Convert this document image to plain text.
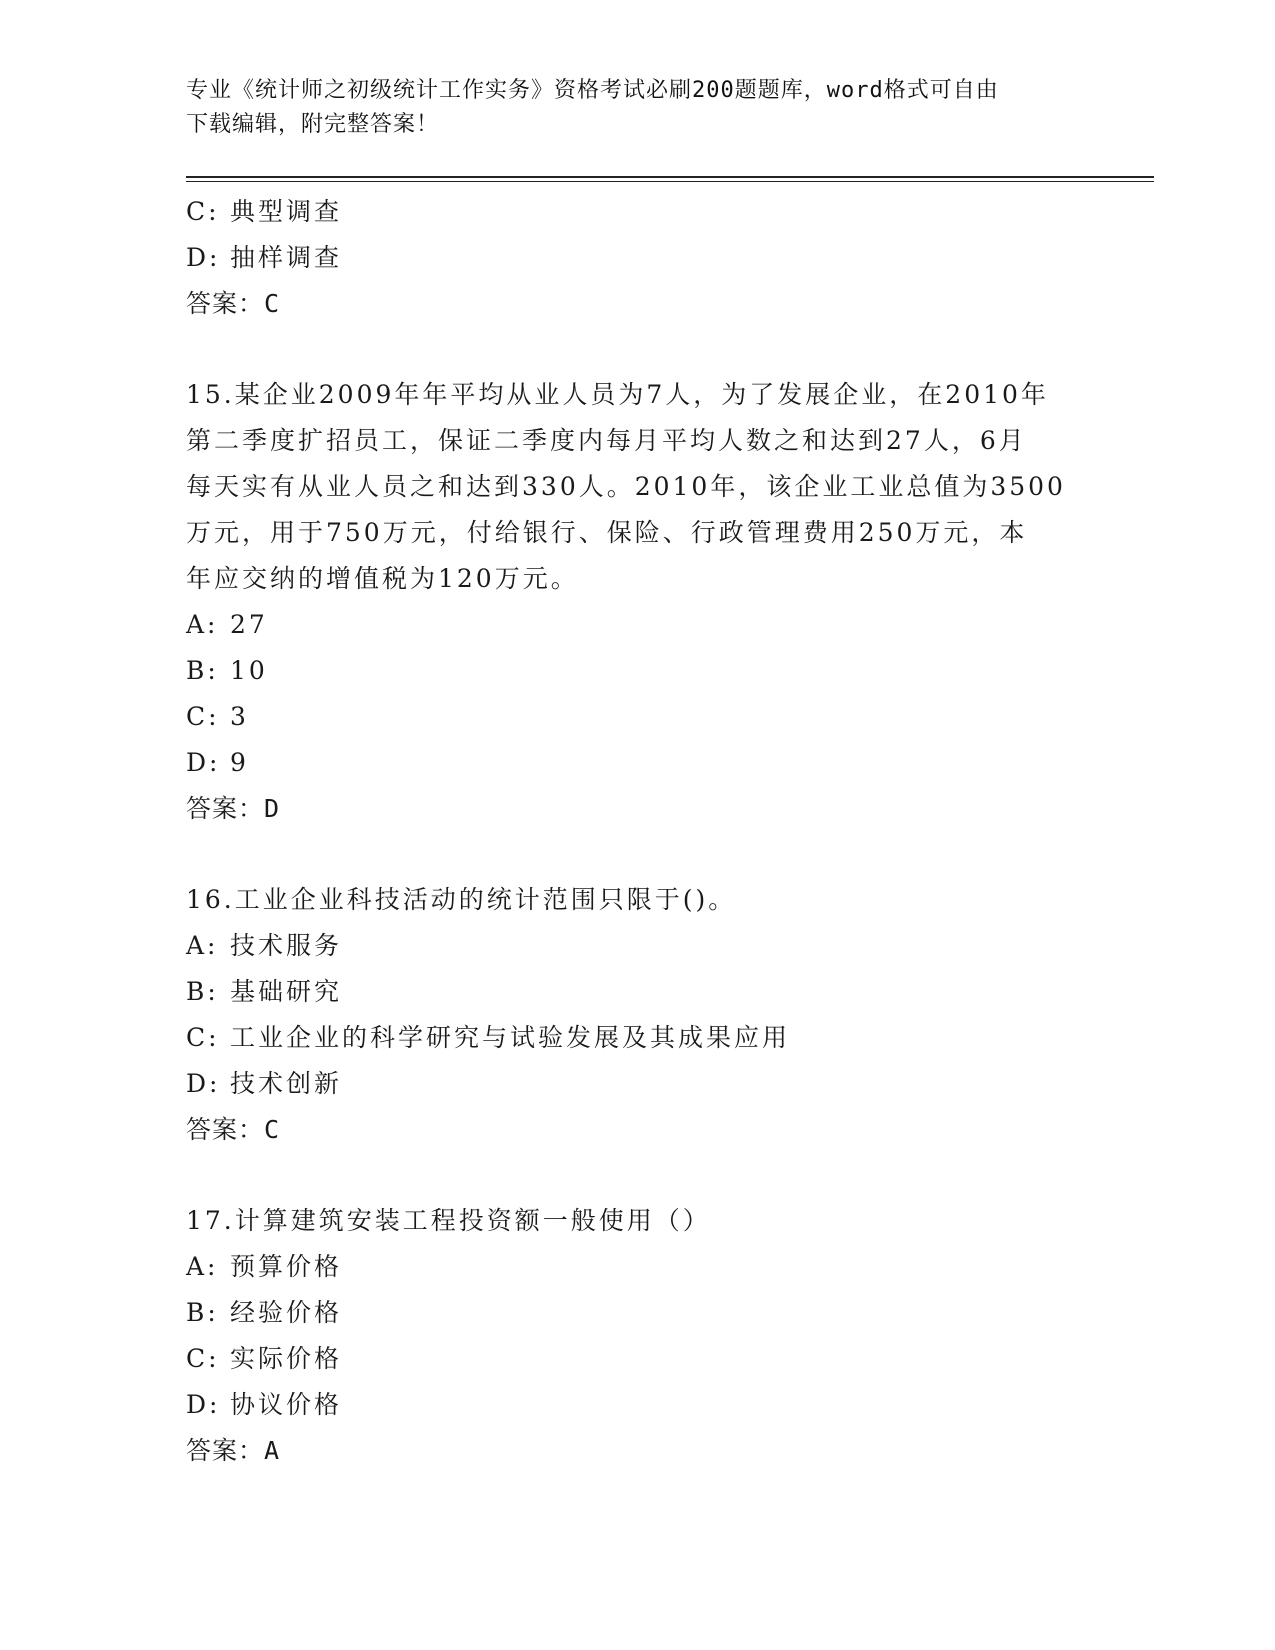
专业《统计师之初级统计工作实务》资格考试必刷200题题库，word格式可自由
下载编辑，附完整答案！
C: 典型调查
D: 抽样调查
答案：C
15.某企业2009年年平均从业人员为7人，为了发展企业，在2010年
第二季度扩招员工，保证二季度内每月平均人数之和达到27人，6月
每天实有从业人员之和达到330人。2010年，该企业工业总值为3500
万元，用于750万元，付给银行、保险、行政管理费用250万元，本
年应交纳的增值税为120万元。
A: 27
B: 10
C: 3
D: 9
答案：D
16.工业企业科技活动的统计范围只限于()。
A: 技术服务
B: 基础研究
C: 工业企业的科学研究与试验发展及其成果应用
D: 技术创新
答案：C
17.计算建筑安装工程投资额一般使用（）
A: 预算价格
B: 经验价格
C: 实际价格
D: 协议价格
答案：A
